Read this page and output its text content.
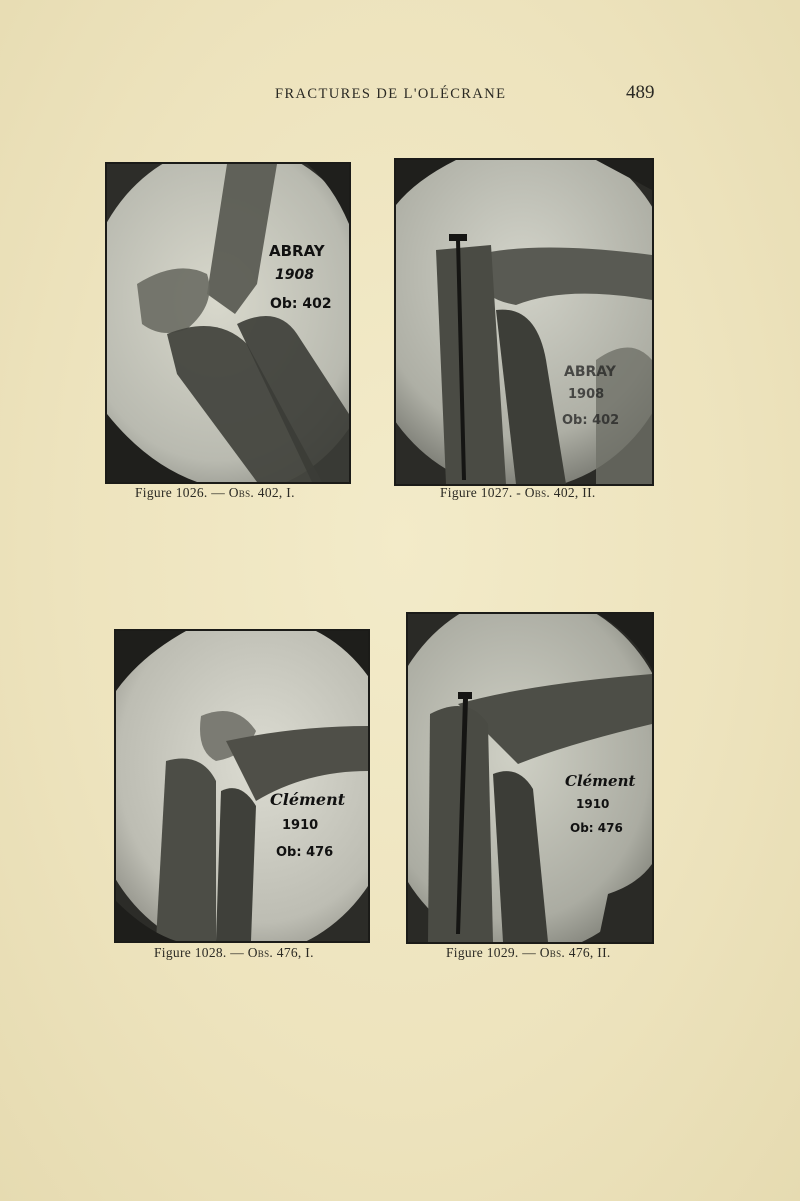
FRACTURES DE L'OLÉCRANE	489
ABRAY
1908
Ob: 402
Figure 1026. — Obs. 402, I.
ABRAY
1908
Ob: 402
Figure 1027. - Obs. 402, II.
Clément
1910
Ob: 476
Figure 1028. — Obs. 476, I.
Clément
1910
Ob: 476
Figure 1029. — Obs. 476, II.
